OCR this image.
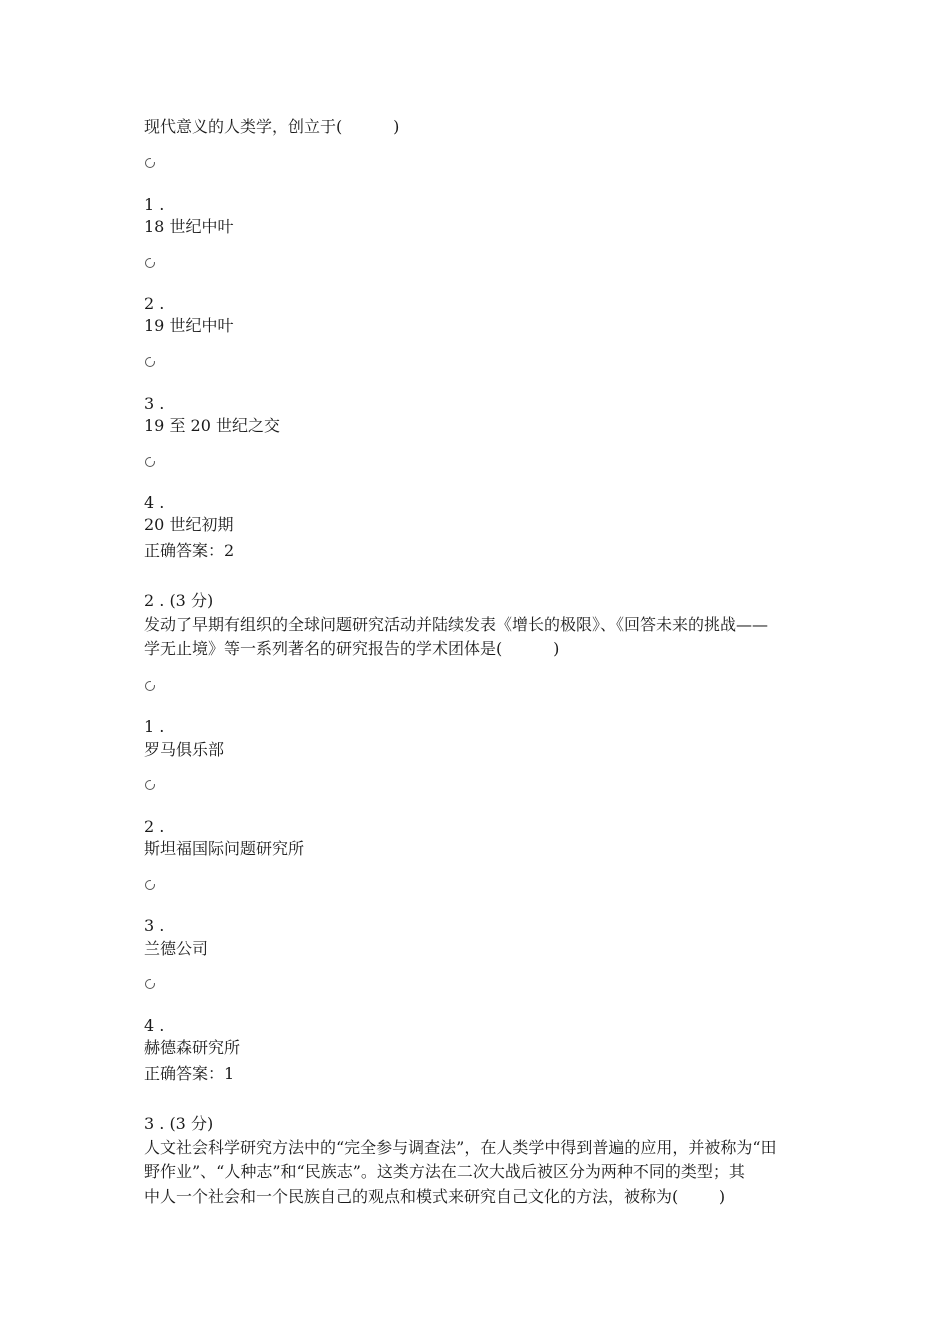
现代意义的人类学，创立于(          )
1 .
18 世纪中叶
2 .
19 世纪中叶
3 .
19 至 20 世纪之交
4 .
20 世纪初期
正确答案：2
2 . (3 分)
发动了早期有组织的全球问题研究活动并陆续发表《增长的极限》、《回答未来的挑战——
学无止境》等一系列著名的研究报告的学术团体是(          )
1 .
罗马俱乐部
2 .
斯坦福国际问题研究所
3 .
兰德公司
4 .
赫德森研究所
正确答案：1
3 . (3 分)
人文社会科学研究方法中的“完全参与调查法”，在人类学中得到普遍的应用，并被称为“田
野作业”、“人种志”和“民族志”。这类方法在二次大战后被区分为两种不同的类型；其
中人一个社会和一个民族自己的观点和模式来研究自己文化的方法，被称为(        )
